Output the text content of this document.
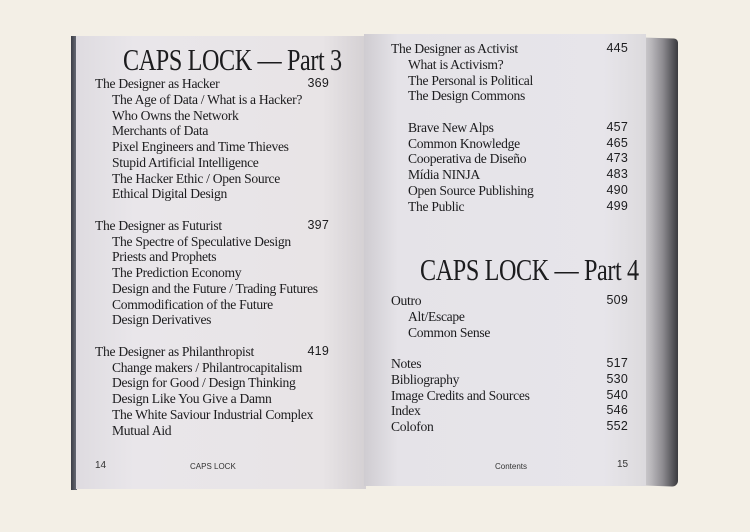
CAPS LOCK — Part 3
The Designer as Hacker	369
The Age of Data / What is a Hacker?
Who Owns the Network
Merchants of Data
Pixel Engineers and Time Thieves
Stupid Artificial Intelligence
The Hacker Ethic / Open Source
Ethical Digital Design
The Designer as Futurist	397
The Spectre of Speculative Design
Priests and Prophets
The Prediction Economy
Design and the Future / Trading Futures
Commodification of the Future
Design Derivatives
The Designer as Philanthropist	419
Change makers / Philantrocapitalism
Design for Good / Design Thinking
Design Like You Give a Damn
The White Saviour Industrial Complex
Mutual Aid
14	CAPS LOCK
The Designer as Activist	445
What is Activism?
The Personal is Political
The Design Commons
Brave New Alps	457
Common Knowledge	465
Cooperativa de Diseño	473
Mídia NINJA	483
Open Source Publishing	490
The Public	499
CAPS LOCK — Part 4
Outro	509
Alt/Escape
Common Sense
Notes	517
Bibliography	530
Image Credits and Sources	540
Index	546
Colofon	552
Contents	15
